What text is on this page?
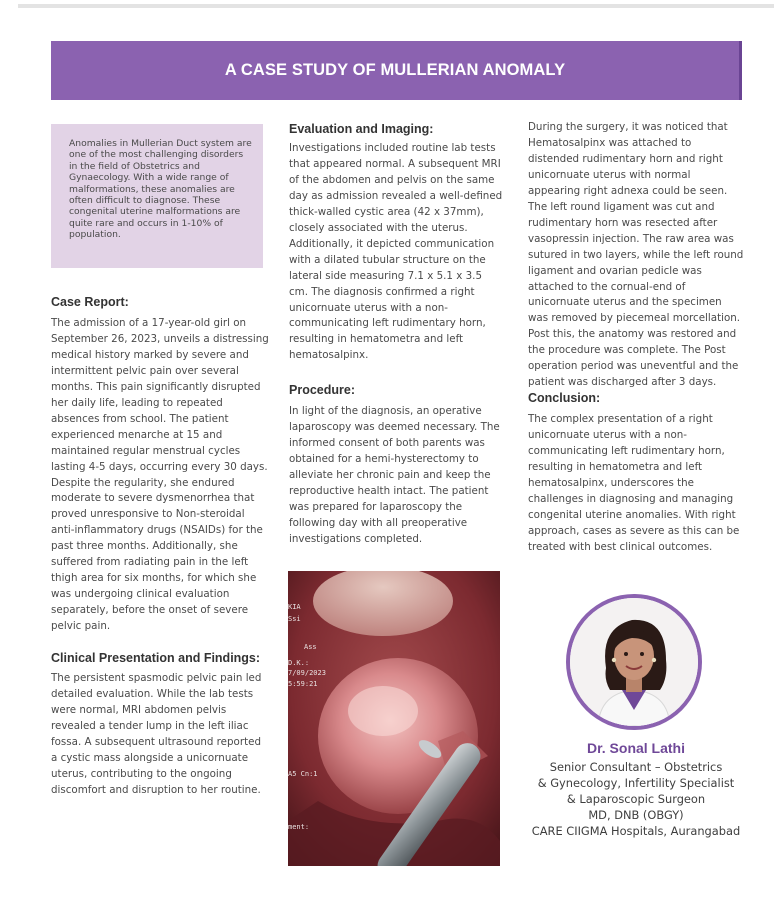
A CASE STUDY OF MULLERIAN ANOMALY

Anomalies in Mullerian Duct system are one of the most challenging disorders in the field of Obstetrics and Gynaecology. With a wide range of malformations, these anomalies are often difficult to diagnose. These congenital uterine malformations are quite rare and occurs in 1-10% of population.

Case Report:

The admission of a 17-year-old girl on September 26, 2023, unveils a distressing medical history marked by severe and intermittent pelvic pain over several months. This pain significantly disrupted her daily life, leading to repeated absences from school. The patient experienced menarche at 15 and maintained regular menstrual cycles lasting 4-5 days, occurring every 30 days. Despite the regularity, she endured moderate to severe dysmenorrhea that proved unresponsive to Non-steroidal anti-inflammatory drugs (NSAIDs) for the past three months. Additionally, she suffered from radiating pain in the left thigh area for six months, for which she was undergoing clinical evaluation separately, before the onset of severe pelvic pain.

Clinical Presentation and Findings:

The persistent spasmodic pelvic pain led detailed evaluation. While the lab tests were normal, MRI abdomen pelvis revealed a tender lump in the left iliac fossa. A subsequent ultrasound reported a cystic mass alongside a unicornuate uterus, contributing to the ongoing discomfort and disruption to her routine.

Evaluation and Imaging:

Investigations included routine lab tests that appeared normal. A subsequent MRI of the abdomen and pelvis on the same day as admission revealed a well-defined thick-walled cystic area (42 x 37mm), closely associated with the uterus. Additionally, it depicted communication with a dilated tubular structure on the lateral side measuring 7.1 x 5.1 x 3.5 cm. The diagnosis confirmed a right unicornuate uterus with a non-communicating left rudimentary horn, resulting in hematometra and left hematosalpinx.

Procedure:

In light of the diagnosis, an operative laparoscopy was deemed necessary. The informed consent of both parents was obtained for a hemi-hysterectomy to alleviate her chronic pain and keep the reproductive health intact. The patient was prepared for laparoscopy the following day with all preoperative investigations completed.

KIA
Ssi
Ass
D.K.:
7/09/2023
5:59:21
A5 Cn:1
ment:

During the surgery, it was noticed that Hematosalpinx was attached to distended rudimentary horn and right unicornuate uterus with normal appearing right adnexa could be seen. The left round ligament was cut and rudimentary horn was resected after vasopressin injection. The raw area was sutured in two layers, while the left round ligament and ovarian pedicle was attached to the cornual-end of unicornuate uterus and the specimen was removed by piecemeal morcellation. Post this, the anatomy was restored and the procedure was complete. The Post operation period was uneventful and the patient was discharged after 3 days.

Conclusion:

The complex presentation of a right unicornuate uterus with a non-communicating left rudimentary horn, resulting in hematometra and left hematosalpinx, underscores the challenges in diagnosing and managing congenital uterine anomalies. With right approach, cases as severe as this can be treated with best clinical outcomes.

Dr. Sonal Lathi
Senior Consultant – Obstetrics
& Gynecology, Infertility Specialist
& Laparoscopic Surgeon
MD, DNB (OBGY)
CARE CIIGMA Hospitals, Aurangabad
